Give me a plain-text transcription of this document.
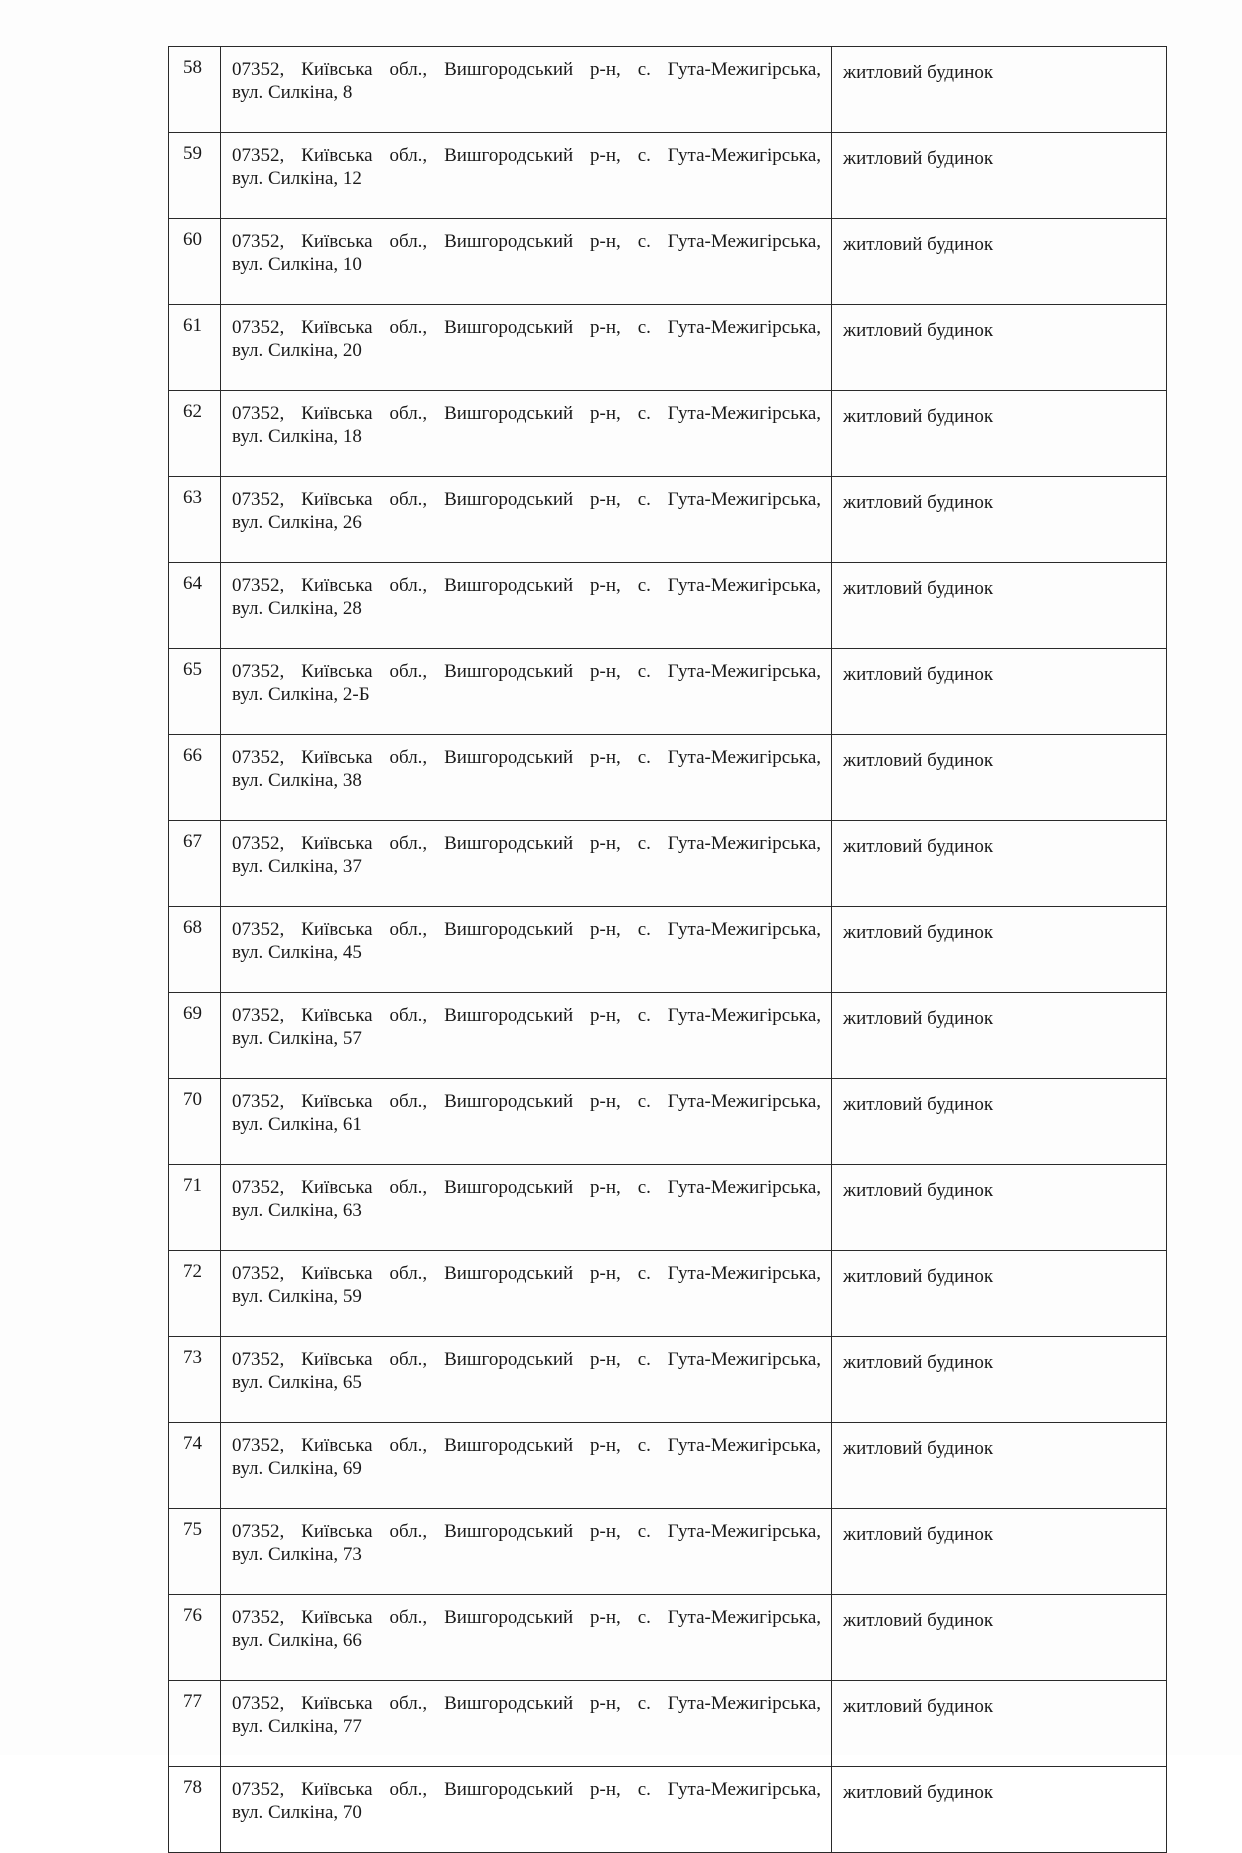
58	07352, Київська обл., Вишгородський р-н, с. Гута-Межигірська,
вул. Силкіна, 8	житловий будинок
59	07352, Київська обл., Вишгородський р-н, с. Гута-Межигірська,
вул. Силкіна, 12	житловий будинок
60	07352, Київська обл., Вишгородський р-н, с. Гута-Межигірська,
вул. Силкіна, 10	житловий будинок
61	07352, Київська обл., Вишгородський р-н, с. Гута-Межигірська,
вул. Силкіна, 20	житловий будинок
62	07352, Київська обл., Вишгородський р-н, с. Гута-Межигірська,
вул. Силкіна, 18	житловий будинок
63	07352, Київська обл., Вишгородський р-н, с. Гута-Межигірська,
вул. Силкіна, 26	житловий будинок
64	07352, Київська обл., Вишгородський р-н, с. Гута-Межигірська,
вул. Силкіна, 28	житловий будинок
65	07352, Київська обл., Вишгородський р-н, с. Гута-Межигірська,
вул. Силкіна, 2-Б	житловий будинок
66	07352, Київська обл., Вишгородський р-н, с. Гута-Межигірська,
вул. Силкіна, 38	житловий будинок
67	07352, Київська обл., Вишгородський р-н, с. Гута-Межигірська,
вул. Силкіна, 37	житловий будинок
68	07352, Київська обл., Вишгородський р-н, с. Гута-Межигірська,
вул. Силкіна, 45	житловий будинок
69	07352, Київська обл., Вишгородський р-н, с. Гута-Межигірська,
вул. Силкіна, 57	житловий будинок
70	07352, Київська обл., Вишгородський р-н, с. Гута-Межигірська,
вул. Силкіна, 61	житловий будинок
71	07352, Київська обл., Вишгородський р-н, с. Гута-Межигірська,
вул. Силкіна, 63	житловий будинок
72	07352, Київська обл., Вишгородський р-н, с. Гута-Межигірська,
вул. Силкіна, 59	житловий будинок
73	07352, Київська обл., Вишгородський р-н, с. Гута-Межигірська,
вул. Силкіна, 65	житловий будинок
74	07352, Київська обл., Вишгородський р-н, с. Гута-Межигірська,
вул. Силкіна, 69	житловий будинок
75	07352, Київська обл., Вишгородський р-н, с. Гута-Межигірська,
вул. Силкіна, 73	житловий будинок
76	07352, Київська обл., Вишгородський р-н, с. Гута-Межигірська,
вул. Силкіна, 66	житловий будинок
77	07352, Київська обл., Вишгородський р-н, с. Гута-Межигірська,
вул. Силкіна, 77	житловий будинок
78	07352, Київська обл., Вишгородський р-н, с. Гута-Межигірська,
вул. Силкіна, 70	житловий будинок
